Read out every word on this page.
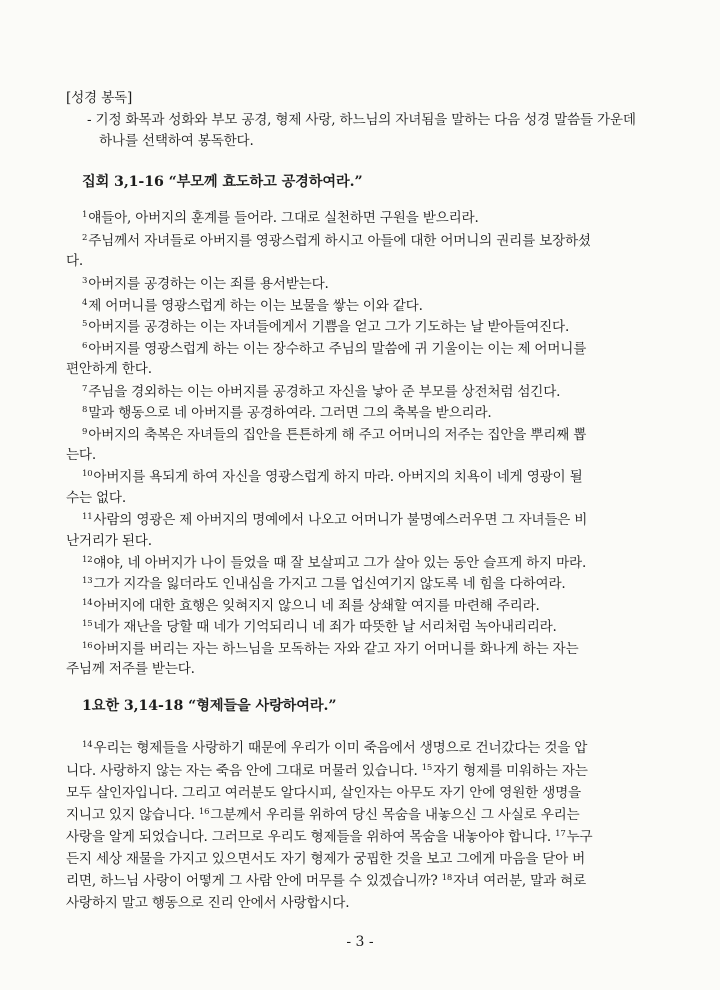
[성경 봉독]
- 기정 화목과 성화와 부모 공경, 형제 사랑, 하느님의 자녀됨을 말하는 다음 성경 말씀들 가운데
하나를 선택하여 봉독한다.
집회 3,1-16 “부모께 효도하고 공경하여라.”
$^1$얘들아, 아버지의 훈계를 들어라. 그대로 실천하면 구원을 받으리라.
$^2$주님께서 자녀들로 아버지를 영광스럽게 하시고 아들에 대한 어머니의 권리를 보장하셨
다.
$^3$아버지를 공경하는 이는 죄를 용서받는다.
$^4$제 어머니를 영광스럽게 하는 이는 보물을 쌓는 이와 같다.
$^5$아버지를 공경하는 이는 자녀들에게서 기쁨을 얻고 그가 기도하는 날 받아들여진다.
$^6$아버지를 영광스럽게 하는 이는 장수하고 주님의 말씀에 귀 기울이는 이는 제 어머니를
편안하게 한다.
$^7$주님을 경외하는 이는 아버지를 공경하고 자신을 낳아 준 부모를 상전처럼 섬긴다.
$^8$말과 행동으로 네 아버지를 공경하여라. 그러면 그의 축복을 받으리라.
$^9$아버지의 축복은 자녀들의 집안을 튼튼하게 해 주고 어머니의 저주는 집안을 뿌리째 뽑
는다.
$^{10}$아버지를 욕되게 하여 자신을 영광스럽게 하지 마라. 아버지의 치욕이 네게 영광이 될
수는 없다.
$^{11}$사람의 영광은 제 아버지의 명예에서 나오고 어머니가 불명예스러우면 그 자녀들은 비
난거리가 된다.
$^{12}$얘야, 네 아버지가 나이 들었을 때 잘 보살피고 그가 살아 있는 동안 슬프게 하지 마라.
$^{13}$그가 지각을 잃더라도 인내심을 가지고 그를 업신여기지 않도록 네 힘을 다하여라.
$^{14}$아버지에 대한 효행은 잊혀지지 않으니 네 죄를 상쇄할 여지를 마련해 주리라.
$^{15}$네가 재난을 당할 때 네가 기억되리니 네 죄가 따뜻한 날 서리처럼 녹아내리리라.
$^{16}$아버지를 버리는 자는 하느님을 모독하는 자와 같고 자기 어머니를 화나게 하는 자는
주님께 저주를 받는다.
1요한 3,14-18 “형제들을 사랑하여라.”
$^{14}$우리는 형제들을 사랑하기 때문에 우리가 이미 죽음에서 생명으로 건너갔다는 것을 압
니다. 사랑하지 않는 자는 죽음 안에 그대로 머물러 있습니다. $^{15}$자기 형제를 미워하는 자는
모두 살인자입니다. 그리고 여러분도 알다시피, 살인자는 아무도 자기 안에 영원한 생명을
지니고 있지 않습니다. $^{16}$그분께서 우리를 위하여 당신 목숨을 내놓으신 그 사실로 우리는
사랑을 알게 되었습니다. 그러므로 우리도 형제들을 위하여 목숨을 내놓아야 합니다. $^{17}$누구
든지 세상 재물을 가지고 있으면서도 자기 형제가 궁핍한 것을 보고 그에게 마음을 닫아 버
리면, 하느님 사랑이 어떻게 그 사람 안에 머무를 수 있겠습니까? $^{18}$자녀 여러분, 말과 혀로
사랑하지 말고 행동으로 진리 안에서 사랑합시다.
- 3 -
